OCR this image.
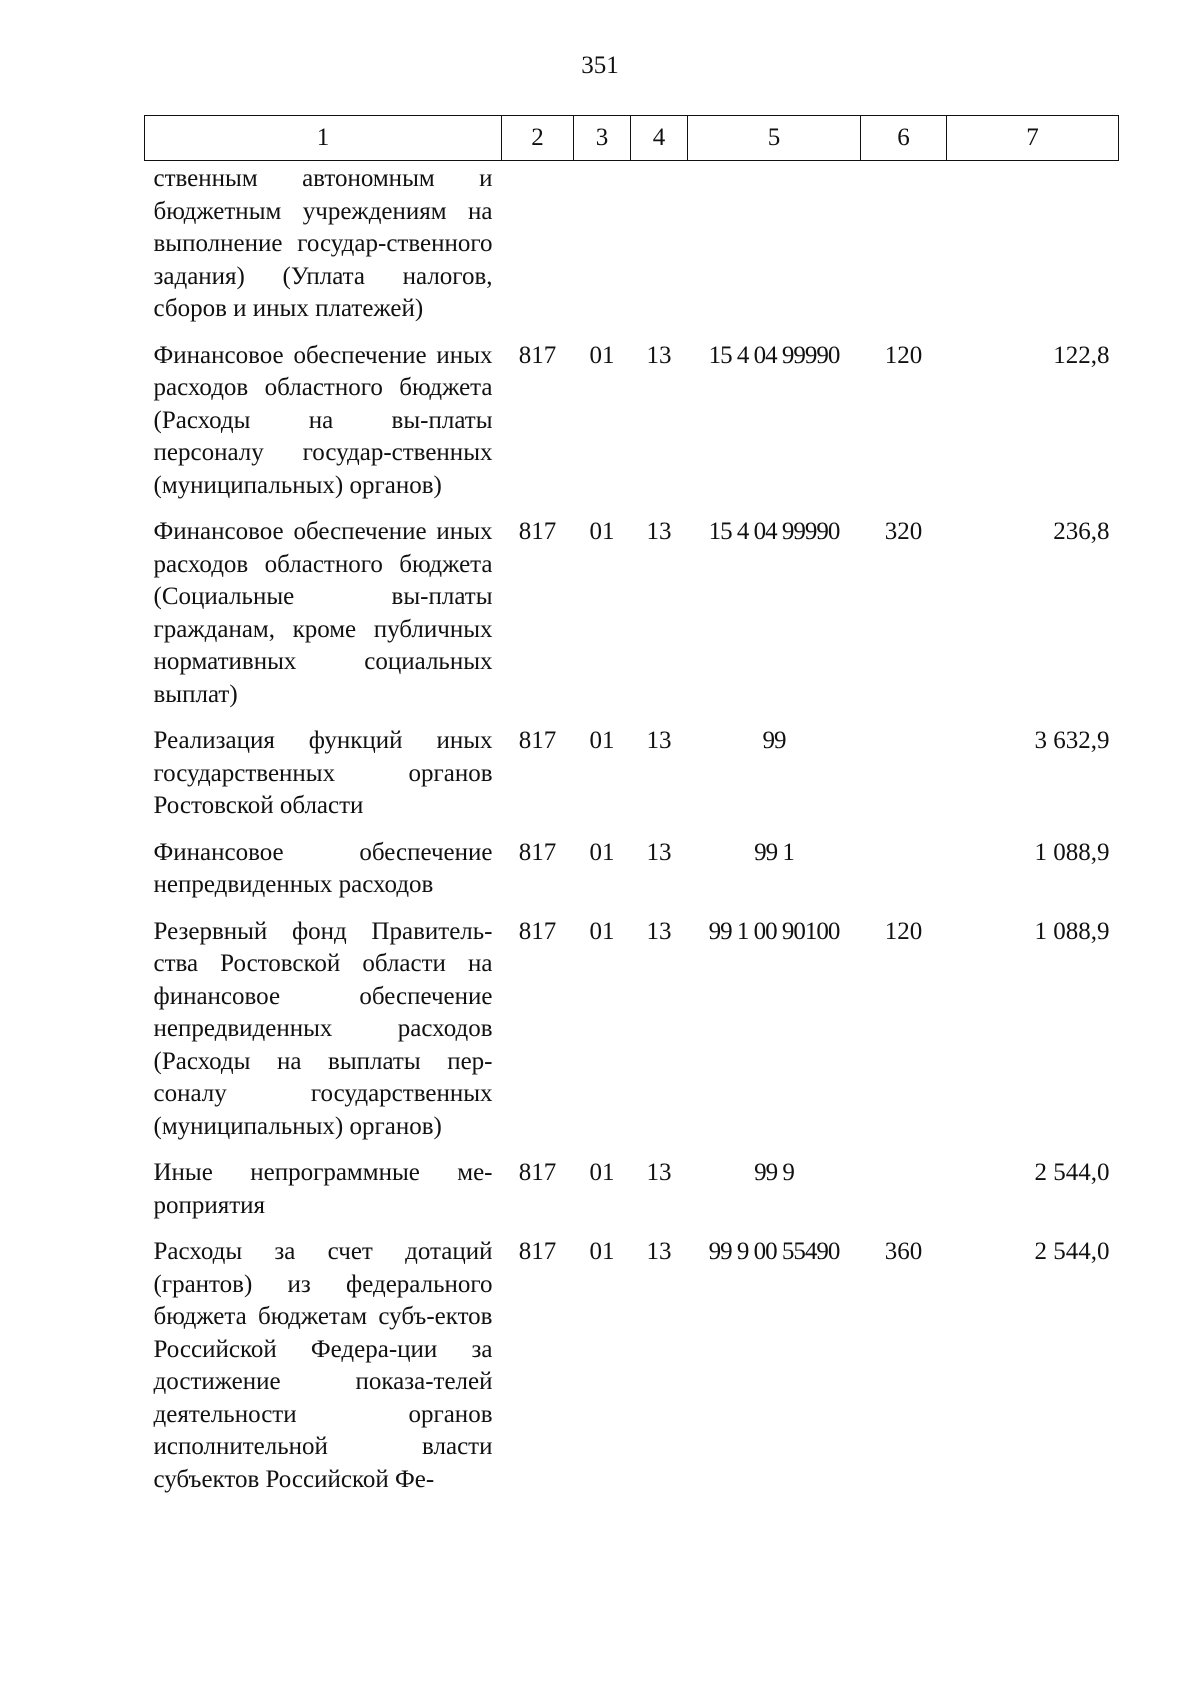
351
1	2	3	4	5	6	7
ственным автономным и бюджетным учреждениям на выполнение государ-ственного задания) (Уплата налогов, сборов и иных платежей)						
Финансовое обеспечение иных расходов областного бюджета (Расходы на вы-платы персоналу государ-ственных (муниципальных) органов)	817	01	13	15 4 04 99990	120	122,8
Финансовое обеспечение иных расходов областного бюджета (Социальные вы-платы гражданам, кроме публичных нормативных социальных выплат)	817	01	13	15 4 04 99990	320	236,8
Реализация функций иных государственных органов Ростовской области	817	01	13	99		3 632,9
Финансовое обеспечение непредвиденных расходов	817	01	13	99 1		1 088,9
Резервный фонд Правитель-ства Ростовской области на финансовое обеспечение непредвиденных расходов (Расходы на выплаты пер-соналу государственных (муниципальных) органов)	817	01	13	99 1 00 90100	120	1 088,9
Иные непрограммные ме-роприятия	817	01	13	99 9		2 544,0
Расходы за счет дотаций (грантов) из федерального бюджета бюджетам субъ-ектов Российской Федера-ции за достижение показа-телей деятельности органов исполнительной власти субъектов Российской Фе-	817	01	13	99 9 00 55490	360	2 544,0
